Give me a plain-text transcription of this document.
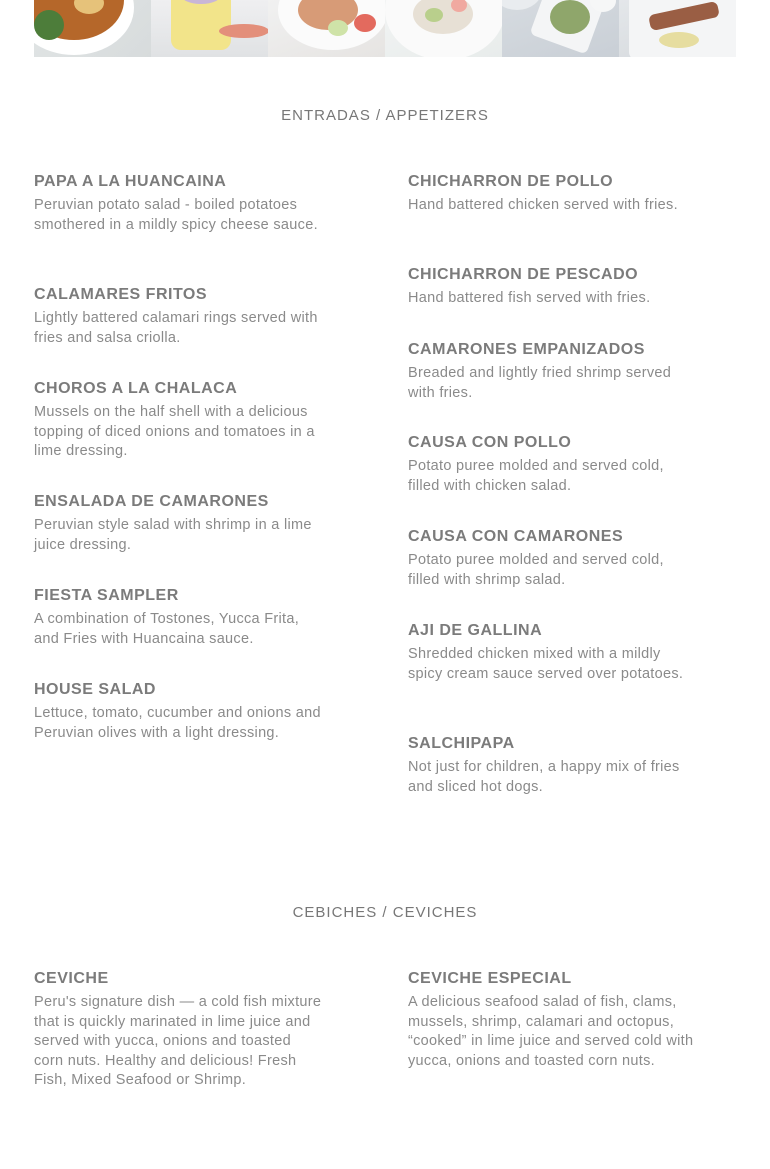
ENTRADAS / APPETIZERS
PAPA A LA HUANCAINA

Peruvian potato salad - boiled potatoes smothered in a mildly spicy cheese sauce.

CALAMARES FRITOS

Lightly battered calamari rings served with fries and salsa criolla.

CHOROS A LA CHALACA

Mussels on the half shell with a delicious topping of diced onions and tomatoes in a lime dressing.

ENSALADA DE CAMARONES

Peruvian style salad with shrimp in a lime juice dressing.

FIESTA SAMPLER

A combination of Tostones, Yucca Frita, and Fries with Huancaina sauce.

HOUSE SALAD

Lettuce, tomato, cucumber and onions and Peruvian olives with a light dressing.

CHICHARRON DE POLLO

Hand battered chicken served with fries.

CHICHARRON DE PESCADO

Hand battered fish served with fries.

CAMARONES EMPANIZADOS

Breaded and lightly fried shrimp served with fries.

CAUSA CON POLLO

Potato puree molded and served cold, filled with chicken salad.

CAUSA CON CAMARONES

Potato puree molded and served cold, filled with shrimp salad.

AJI DE GALLINA

Shredded chicken mixed with a mildly spicy cream sauce served over potatoes.

SALCHIPAPA

Not just for children, a happy mix of fries and sliced hot dogs.

CEBICHES / CEVICHES
CEVICHE

Peru's signature dish — a cold fish mixture that is quickly marinated in lime juice and served with yucca, onions and toasted corn nuts. Healthy and delicious! Fresh Fish, Mixed Seafood or Shrimp.

CEVICHE ESPECIAL

A delicious seafood salad of fish, clams, mussels, shrimp, calamari and octopus, “cooked” in lime juice and served cold with yucca, onions and toasted corn nuts.
